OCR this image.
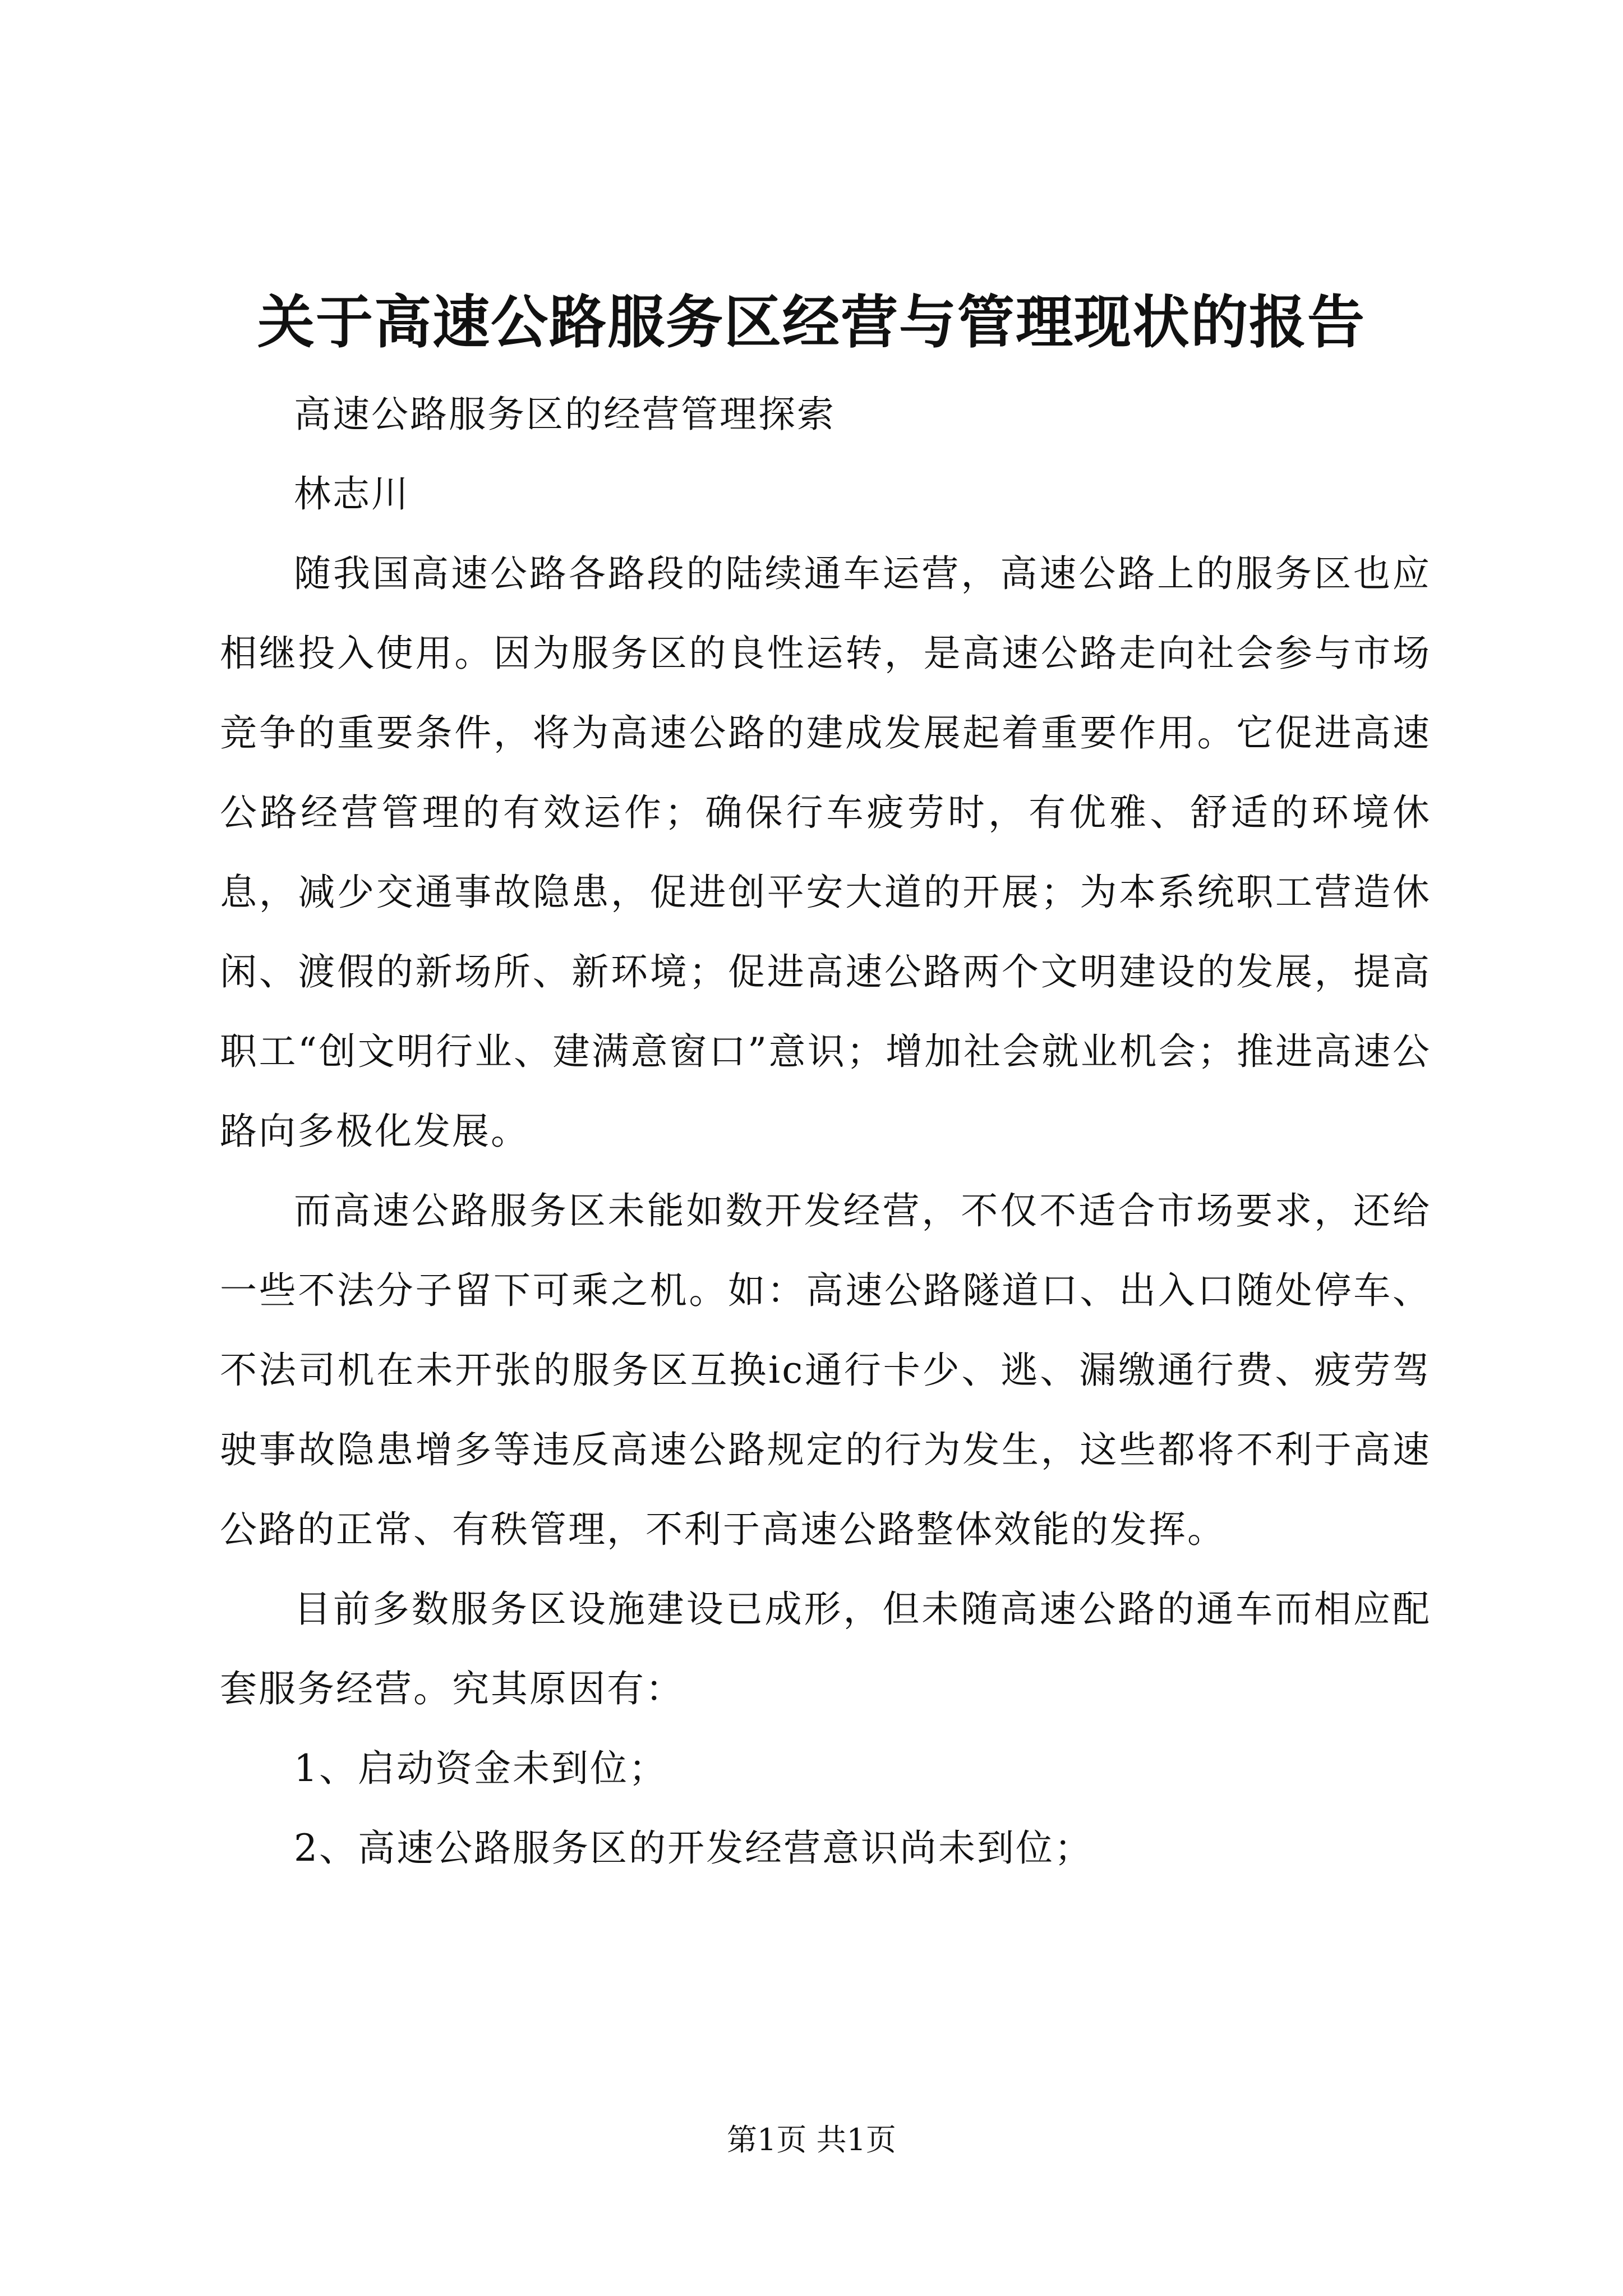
关于高速公路服务区经营与管理现状的报告

高速公路服务区的经营管理探索

林志川

随我国高速公路各路段的陆续通车运营，高速公路上的服务区也应相继投入使用。因为服务区的良性运转，是高速公路走向社会参与市场竞争的重要条件，将为高速公路的建成发展起着重要作用。它促进高速公路经营管理的有效运作；确保行车疲劳时，有优雅、舒适的环境休息，减少交通事故隐患，促进创平安大道的开展；为本系统职工营造休闲、渡假的新场所、新环境；促进高速公路两个文明建设的发展，提高职工“创文明行业、建满意窗口”意识；增加社会就业机会；推进高速公路向多极化发展。

而高速公路服务区未能如数开发经营，不仅不适合市场要求，还给一些不法分子留下可乘之机。如：高速公路隧道口、出入口随处停车、不法司机在未开张的服务区互换ic通行卡少、逃、漏缴通行费、疲劳驾驶事故隐患增多等违反高速公路规定的行为发生，这些都将不利于高速公路的正常、有秩管理，不利于高速公路整体效能的发挥。

目前多数服务区设施建设已成形，但未随高速公路的通车而相应配套服务经营。究其原因有：

1、启动资金未到位；

2、高速公路服务区的开发经营意识尚未到位；

第1页 共1页
